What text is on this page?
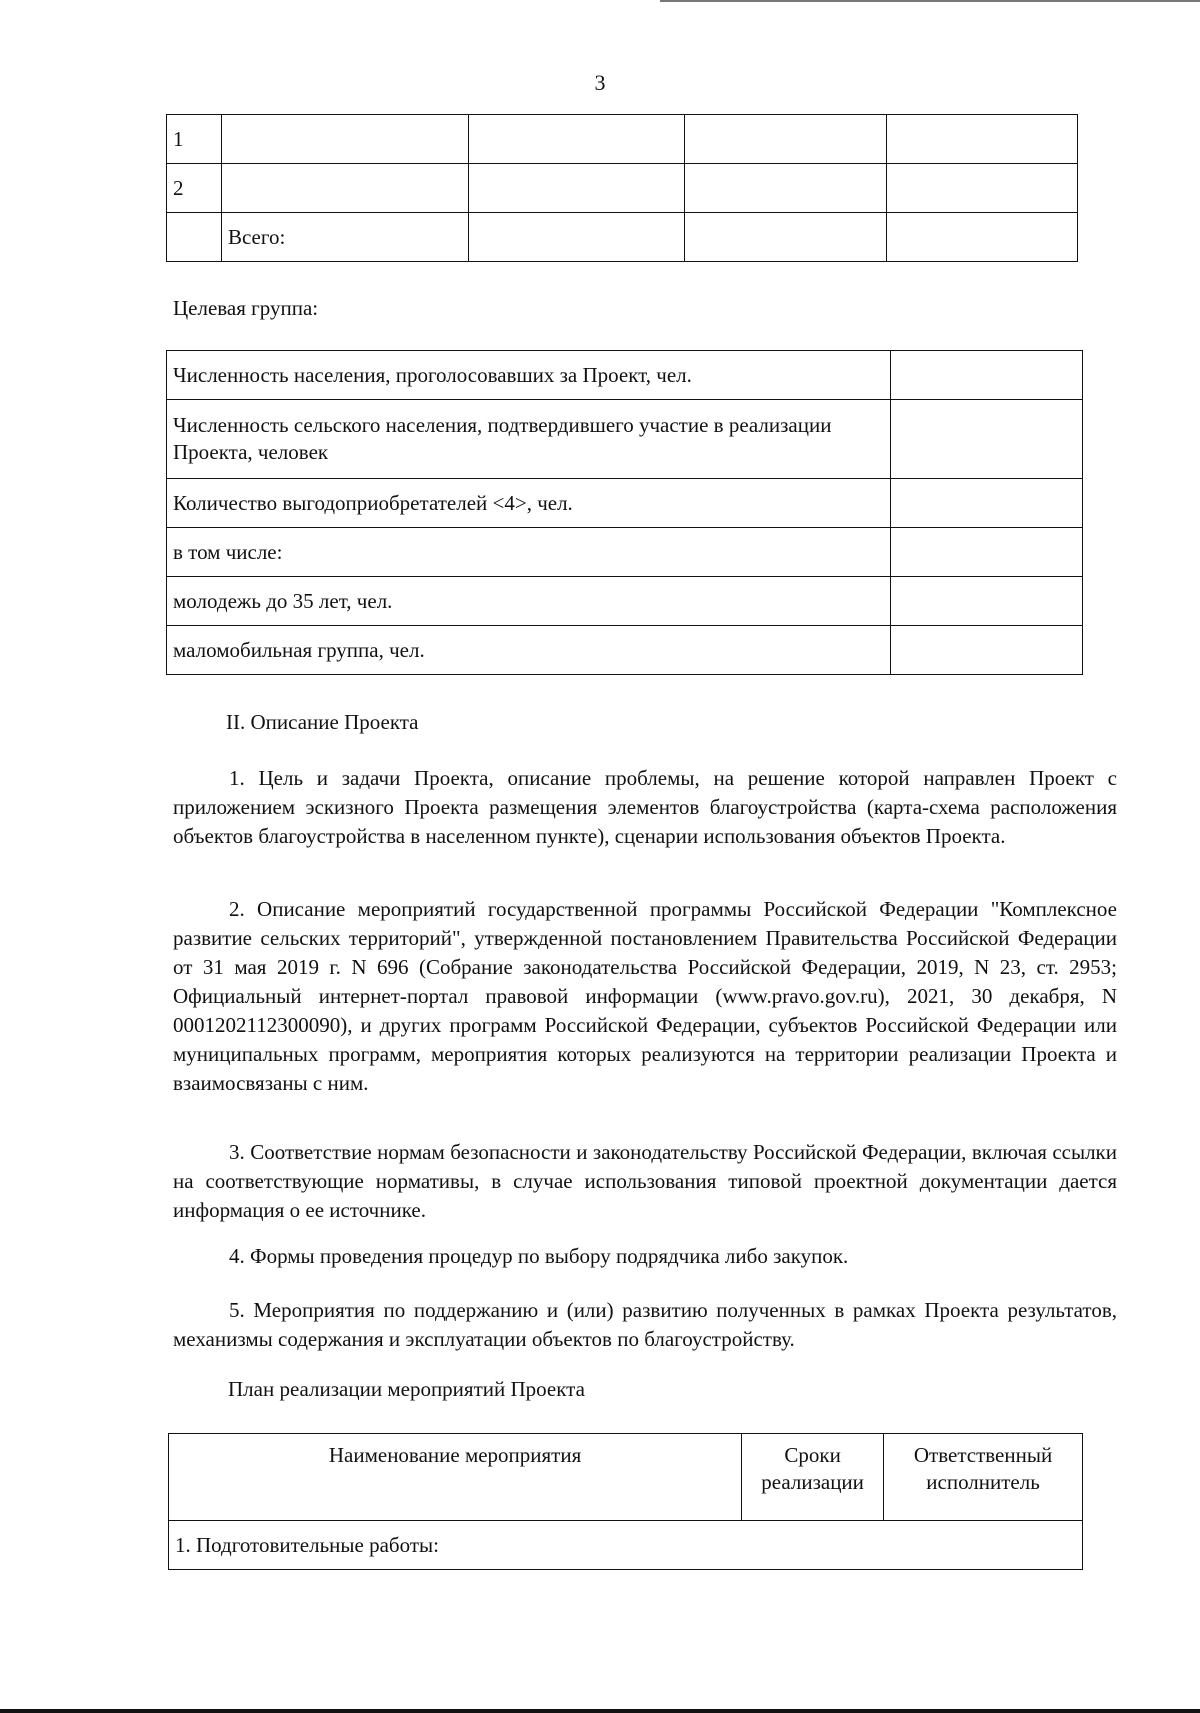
3
1				
2				
	Всего:			
Целевая группа:
Численность населения, проголосовавших за Проект, чел.	
Численность сельского населения, подтвердившего участие в реализации Проекта, человек	
Количество выгодоприобретателей <4>, чел.	
в том числе:	
молодежь до 35 лет, чел.	
маломобильная группа, чел.	
II. Описание Проекта

1. Цель и задачи Проекта, описание проблемы, на решение которой направлен Проект с приложением эскизного Проекта размещения элементов благоустройства (карта-схема расположения объектов благоустройства в населенном пункте), сценарии использования объектов Проекта.

2. Описание мероприятий государственной программы Российской Федерации "Комплексное развитие сельских территорий", утвержденной постановлением Правительства Российской Федерации от 31 мая 2019 г. N 696 (Собрание законодательства Российской Федерации, 2019, N 23, ст. 2953; Официальный интернет-портал правовой информации (www.pravo.gov.ru), 2021, 30 декабря, N 0001202112300090), и других программ Российской Федерации, субъектов Российской Федерации или муниципальных программ, мероприятия которых реализуются на территории реализации Проекта и взаимосвязаны с ним.

3. Соответствие нормам безопасности и законодательству Российской Федерации, включая ссылки на соответствующие нормативы, в случае использования типовой проектной документации дается информация о ее источнике.

4. Формы проведения процедур по выбору подрядчика либо закупок.

5. Мероприятия по поддержанию и (или) развитию полученных в рамках Проекта результатов, механизмы содержания и эксплуатации объектов по благоустройству.

План реализации мероприятий Проекта
Наименование мероприятия	Сроки реализации	Ответственный исполнитель
1. Подготовительные работы:
